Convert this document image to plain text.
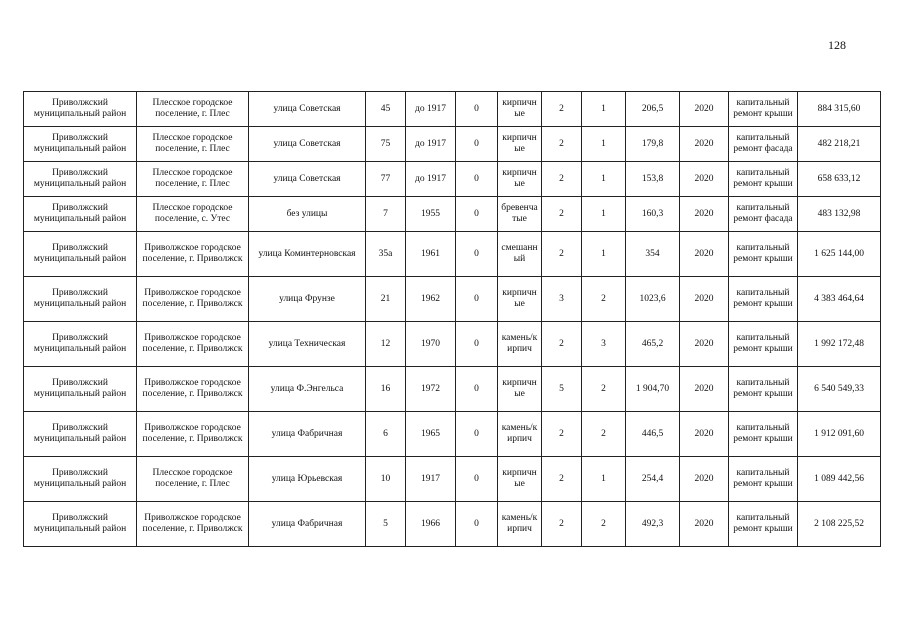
128
Приволжский муниципальный район	Плесское городское поселение, г. Плес	улица Советская	45	до 1917	0	кирпичные	2	1	206,5	2020	капитальный ремонт крыши	884 315,60
Приволжский муниципальный район	Плесское городское поселение, г. Плес	улица Советская	75	до 1917	0	кирпичные	2	1	179,8	2020	капитальный ремонт фасада	482 218,21
Приволжский муниципальный район	Плесское городское поселение, г. Плес	улица Советская	77	до 1917	0	кирпичные	2	1	153,8	2020	капитальный ремонт крыши	658 633,12
Приволжский муниципальный район	Плесское городское поселение, с. Утес	без улицы	7	1955	0	бревенчатые	2	1	160,3	2020	капитальный ремонт фасада	483 132,98
Приволжский муниципальный район	Приволжское городское поселение, г. Приволжск	улица Коминтерновская	35а	1961	0	смешанный	2	1	354	2020	капитальный ремонт крыши	1 625 144,00
Приволжский муниципальный район	Приволжское городское поселение, г. Приволжск	улица Фрунзе	21	1962	0	кирпичные	3	2	1023,6	2020	капитальный ремонт крыши	4 383 464,64
Приволжский муниципальный район	Приволжское городское поселение, г. Приволжск	улица Техническая	12	1970	0	камень/кирпич	2	3	465,2	2020	капитальный ремонт крыши	1 992 172,48
Приволжский муниципальный район	Приволжское городское поселение, г. Приволжск	улица Ф.Энгельса	16	1972	0	кирпичные	5	2	1 904,70	2020	капитальный ремонт крыши	6 540 549,33
Приволжский муниципальный район	Приволжское городское поселение, г. Приволжск	улица Фабричная	6	1965	0	камень/кирпич	2	2	446,5	2020	капитальный ремонт крыши	1 912 091,60
Приволжский муниципальный район	Плесское городское поселение, г. Плес	улица Юрьевская	10	1917	0	кирпичные	2	1	254,4	2020	капитальный ремонт крыши	1 089 442,56
Приволжский муниципальный район	Приволжское городское поселение, г. Приволжск	улица Фабричная	5	1966	0	камень/кирпич	2	2	492,3	2020	капитальный ремонт крыши	2 108 225,52
